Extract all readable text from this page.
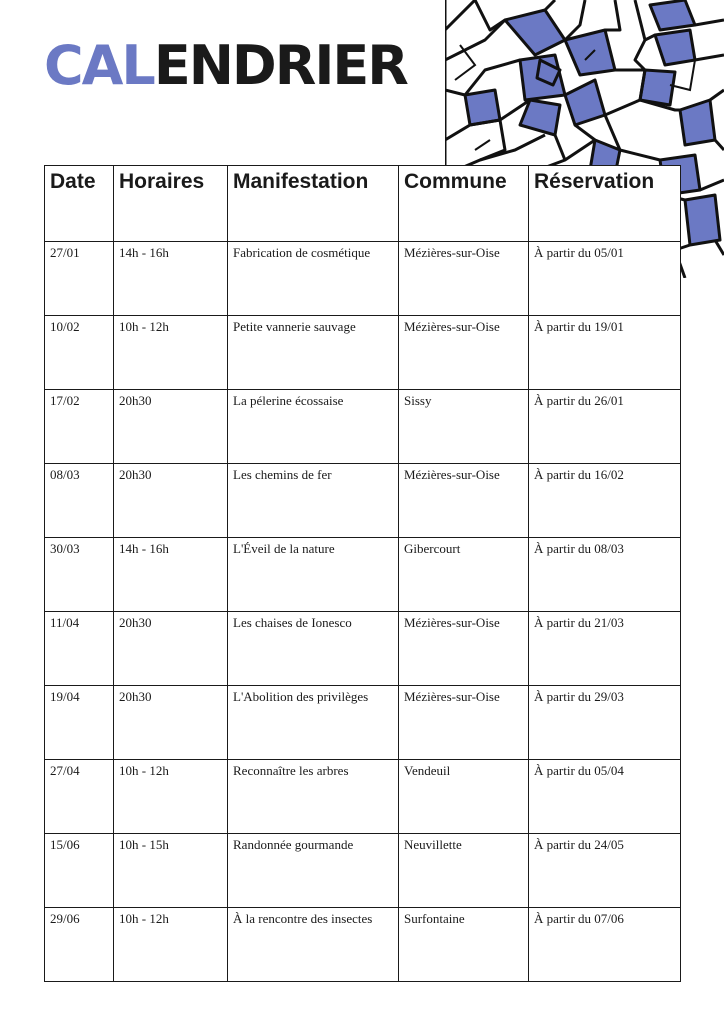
CALENDRIER
Date	Horaires	Manifestation	Commune	Réservation
27/01	14h - 16h	Fabrication de cosmétique	Mézières-sur-Oise	À partir du 05/01
10/02	10h - 12h	Petite vannerie sauvage	Mézières-sur-Oise	À partir du 19/01
17/02	20h30	La pélerine écossaise	Sissy	À partir du 26/01
08/03	20h30	Les chemins de fer	Mézières-sur-Oise	À partir du 16/02
30/03	14h - 16h	L'Éveil de la nature	Gibercourt	À partir du 08/03
11/04	20h30	Les chaises de Ionesco	Mézières-sur-Oise	À partir du 21/03
19/04	20h30	L'Abolition des privilèges	Mézières-sur-Oise	À partir du 29/03
27/04	10h - 12h	Reconnaître les arbres	Vendeuil	À partir du 05/04
15/06	10h - 15h	Randonnée gourmande	Neuvillette	À partir du 24/05
29/06	10h - 12h	À la rencontre des insectes	Surfontaine	À partir du 07/06
